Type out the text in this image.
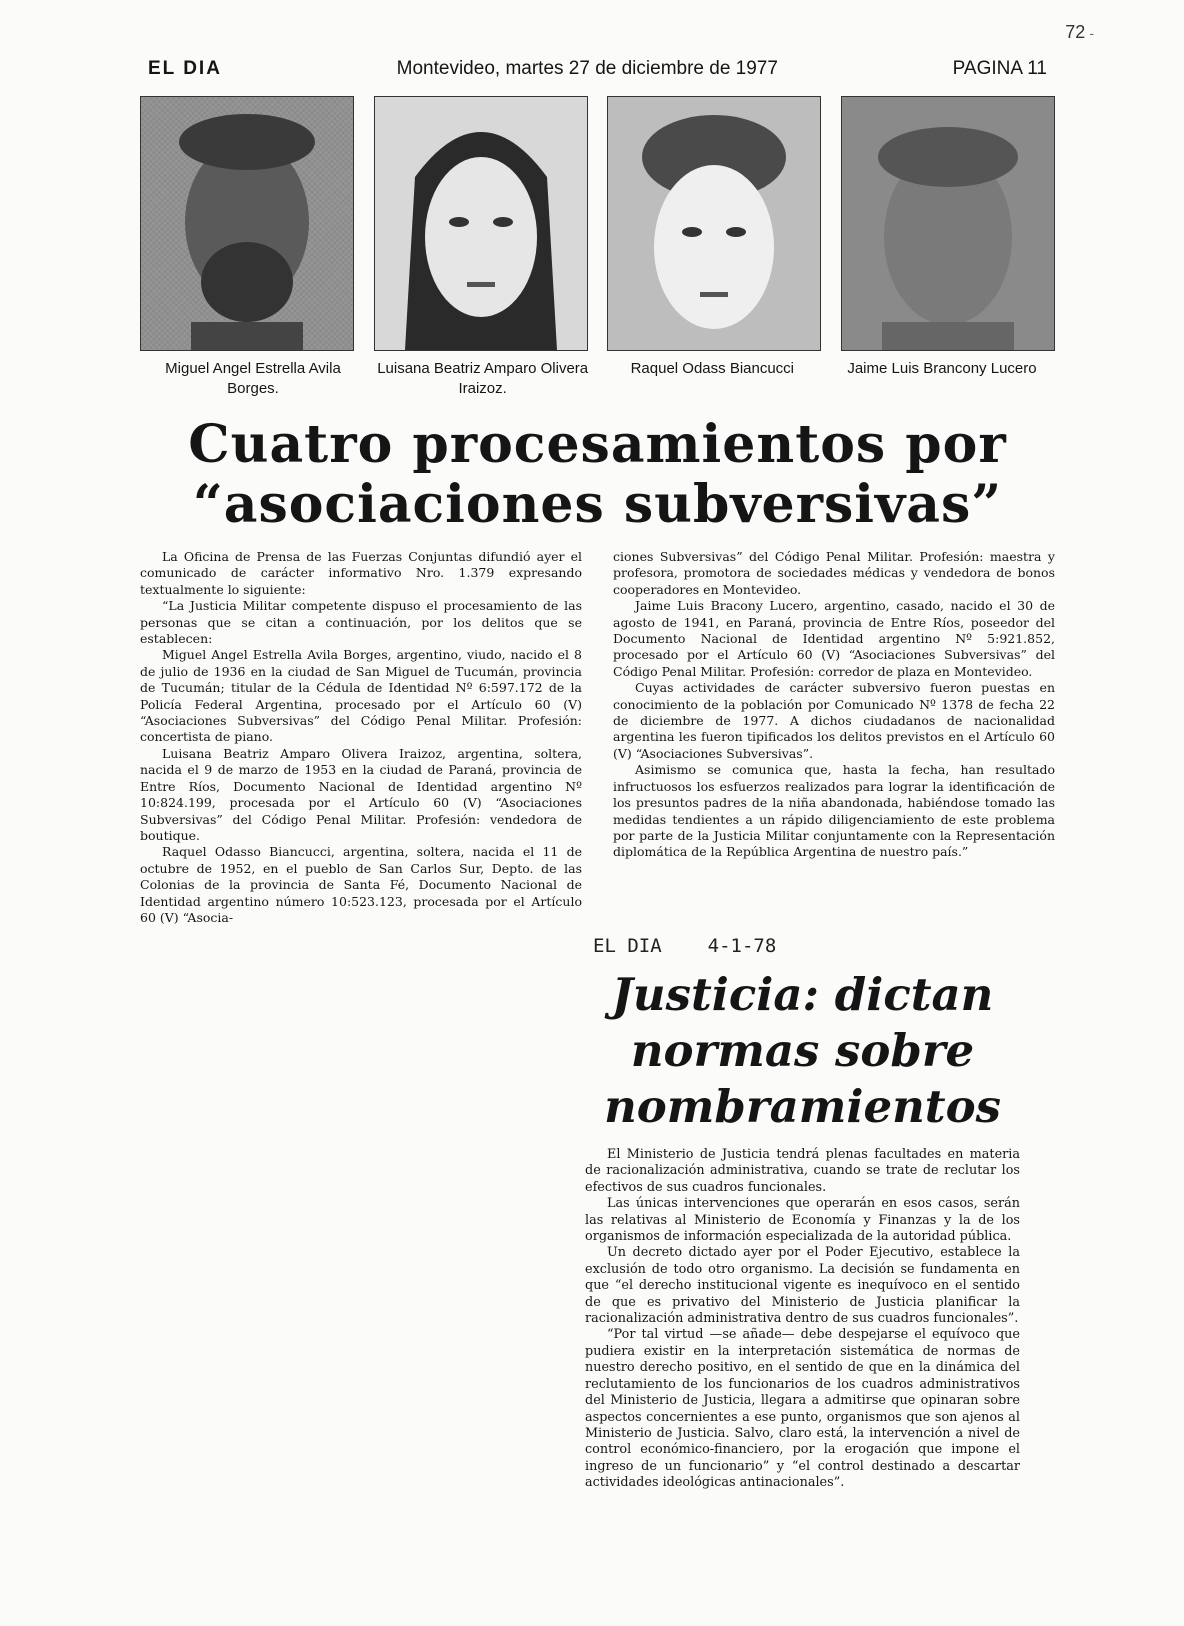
72 -
EL DIA	Montevideo, martes 27 de diciembre de 1977	PAGINA 11
Miguel Angel Estrella Avila Borges.
Luisana Beatriz Amparo Olivera Iraizoz.
Raquel Odass Biancucci	Jaime Luis Brancony Lucero
Cuatro procesamientos por
“asociaciones subversivas”

La Oficina de Prensa de las Fuerzas Conjuntas difundió ayer el comunicado de carácter informativo Nro. 1.379 expresando textualmente lo siguiente:

“La Justicia Militar competente dispuso el procesamiento de las personas que se citan a continuación, por los delitos que se establecen:

Miguel Angel Estrella Avila Borges, argentino, viudo, nacido el 8 de julio de 1936 en la ciudad de San Miguel de Tucumán, provincia de Tucumán; titular de la Cédula de Identidad Nº 6:597.172 de la Policía Federal Argentina, procesado por el Artículo 60 (V) “Asociaciones Subversivas” del Código Penal Militar. Profesión: concertista de piano.

Luisana Beatriz Amparo Olivera Iraizoz, argentina, soltera, nacida el 9 de marzo de 1953 en la ciudad de Paraná, provincia de Entre Ríos, Documento Nacional de Identidad argentino Nº 10:824.199, procesada por el Artículo 60 (V) “Asociaciones Subversivas” del Código Penal Militar. Profesión: vendedora de boutique.

Raquel Odasso Biancucci, argentina, soltera, nacida el 11 de octubre de 1952, en el pueblo de San Carlos Sur, Depto. de las Colonias de la provincia de Santa Fé, Documento Nacional de Identidad argentino número 10:523.123, procesada por el Artículo 60 (V) “Asocia-

ciones Subversivas” del Código Penal Militar. Profesión: maestra y profesora, promotora de sociedades médicas y vendedora de bonos cooperadores en Montevideo.

Jaime Luis Bracony Lucero, argentino, casado, nacido el 30 de agosto de 1941, en Paraná, provincia de Entre Ríos, poseedor del Documento Nacional de Identidad argentino Nº 5:921.852, procesado por el Artículo 60 (V) “Asociaciones Subversivas” del Código Penal Militar. Profesión: corredor de plaza en Montevideo.

Cuyas actividades de carácter subversivo fueron puestas en conocimiento de la población por Comunicado Nº 1378 de fecha 22 de diciembre de 1977. A dichos ciudadanos de nacionalidad argentina les fueron tipificados los delitos previstos en el Artículo 60 (V) “Asociaciones Subversivas”.

Asimismo se comunica que, hasta la fecha, han resultado infructuosos los esfuerzos realizados para lograr la identificación de los presuntos padres de la niña abandonada, habiéndose tomado las medidas tendientes a un rápido diligenciamiento de este problema por parte de la Justicia Militar conjuntamente con la Representación diplomática de la República Argentina de nuestro país.”

EL DIA 4-1-78
Justicia: dictan
normas sobre
nombramientos

El Ministerio de Justicia tendrá plenas facultades en materia de racionalización administrativa, cuando se trate de reclutar los efectivos de sus cuadros funcionales.

Las únicas intervenciones que operarán en esos casos, serán las relativas al Ministerio de Economía y Finanzas y la de los organismos de información especializada de la autoridad pública.

Un decreto dictado ayer por el Poder Ejecutivo, establece la exclusión de todo otro organismo. La decisión se fundamenta en que “el derecho institucional vigente es inequívoco en el sentido de que es privativo del Ministerio de Justicia planificar la racionalización administrativa dentro de sus cuadros funcionales”.

“Por tal virtud —se añade— debe despejarse el equívoco que pudiera existir en la interpretación sistemática de normas de nuestro derecho positivo, en el sentido de que en la dinámica del reclutamiento de los funcionarios de los cuadros administrativos del Ministerio de Justicia, llegara a admitirse que opinaran sobre aspectos concernientes a ese punto, organismos que son ajenos al Ministerio de Justicia. Salvo, claro está, la intervención a nivel de control económico-financiero, por la erogación que impone el ingreso de un funcionario” y “el control destinado a descartar actividades ideológicas antinacionales”.
